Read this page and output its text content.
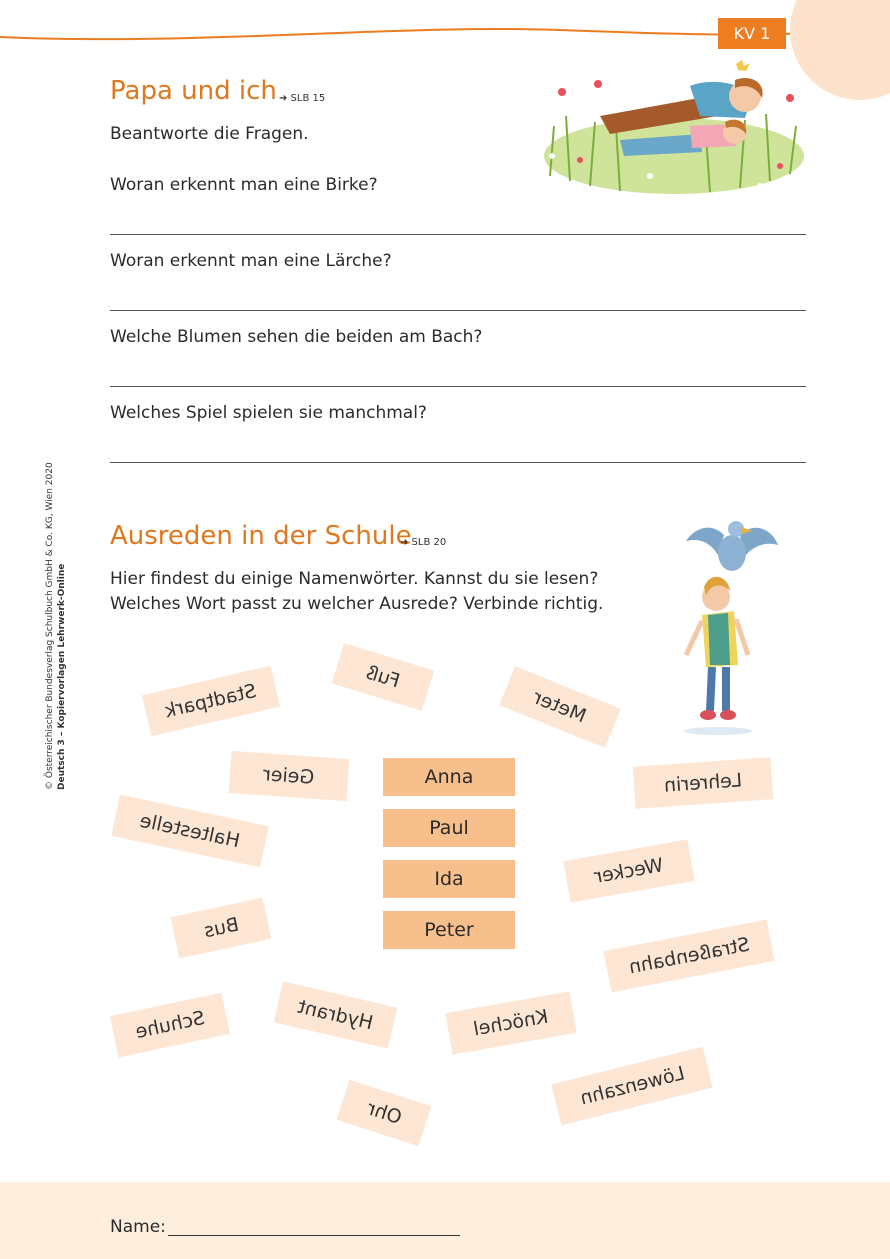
KV 1
© Österreichischer Bundesverlag Schulbuch GmbH & Co. KG, Wien 2020 Deutsch 3 – Kopiervorlagen Lehrwerk-Online
Papa und ich ➜ SLB 15
Beantworte die Fragen.
Woran erkennt man eine Birke?
Woran erkennt man eine Lärche?
Welche Blumen sehen die beiden am Bach?
Welches Spiel spielen sie manchmal?
Ausreden in der Schule
➜ SLB 20
Hier findest du einige Namenwörter. Kannst du sie lesen?
Welches Wort passt zu welcher Ausrede? Verbinde richtig.
Anna
Paul
Ida
Peter
Stadtpark
Fuß
Meter
Geier	Lehrerin
Haltestelle
Wecker
Bus
Straßenbahn
Schuhe	Hydrant	Knöchel
Löwenzahn
Ohr
Name:
